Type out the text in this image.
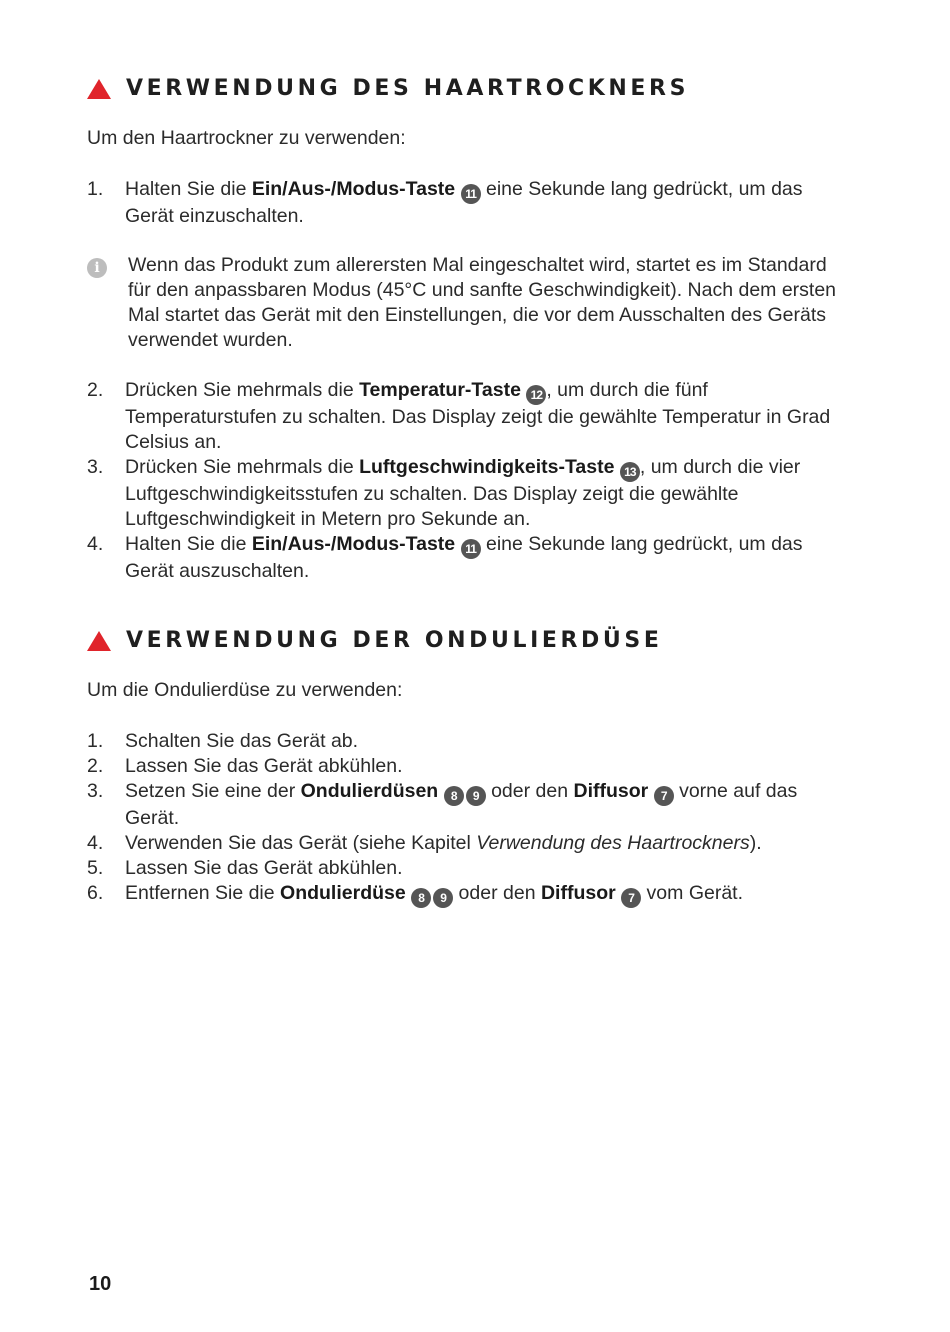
VERWENDUNG DES HAARTROCKNERS

Um den Haartrockner zu verwenden:

1. Halten Sie die Ein/Aus-/Modus-Taste 11 eine Sekunde lang gedrückt, um das Gerät einzuschalten.
i	Wenn das Produkt zum allerersten Mal eingeschaltet wird, startet es im Standard für den anpassbaren Modus (45°C und sanfte Geschwindigkeit). Nach dem ersten Mal startet das Gerät mit den Einstellungen, die vor dem Ausschalten des Geräts verwendet wurden.
2. Drücken Sie mehrmals die Temperatur-Taste 12 , um durch die fünf Temperaturstufen zu schalten. Das Display zeigt die gewählte Temperatur in Grad Celsius an.
3. Drücken Sie mehrmals die Luftgeschwindigkeits-Taste 13 , um durch die vier Luftgeschwindigkeitsstufen zu schalten. Das Display zeigt die gewählte Luftgeschwindigkeit in Metern pro Sekunde an.
4. Halten Sie die Ein/Aus-/Modus-Taste 11 eine Sekunde lang gedrückt, um das Gerät auszuschalten.
VERWENDUNG DER ONDULIERDÜSE

Um die Ondulierdüse zu verwenden:

1. Schalten Sie das Gerät ab.
2. Lassen Sie das Gerät abkühlen.
3. Setzen Sie eine der Ondulierdüsen 8 9 oder den Diffusor 7 vorne auf das Gerät.
4. Verwenden Sie das Gerät (siehe Kapitel Verwendung des Haartrockners).
5. Lassen Sie das Gerät abkühlen.
6. Entfernen Sie die Ondulierdüse 8 9 oder den Diffusor 7 vom Gerät.
10
